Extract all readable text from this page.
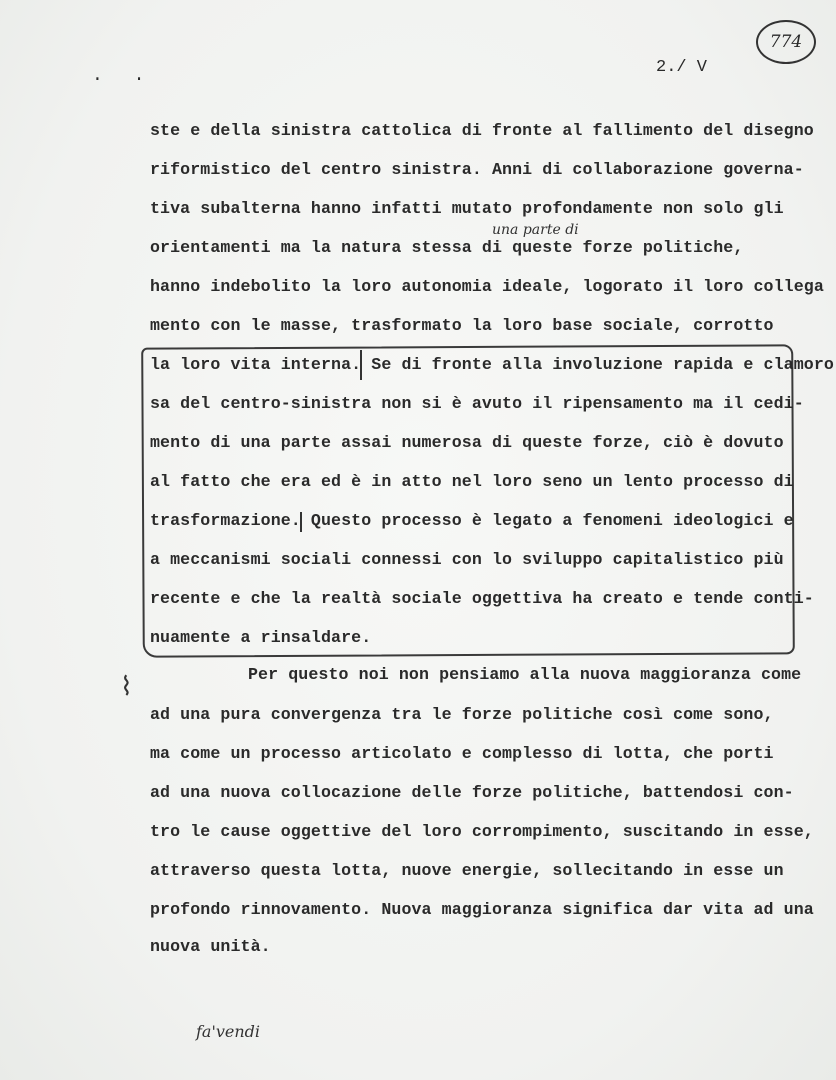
. .	2./ V
774
una parte di
ste e della sinistra cattolica di fronte al fallimento del disegno
riformistico del centro sinistra. Anni di collaborazione governa-
tiva subalterna hanno infatti mutato profondamente non solo gli
orientamenti ma la natura stessa di queste forze politiche,
hanno indebolito la loro autonomia ideale, logorato il loro collega
mento con le masse, trasformato la loro base sociale, corrotto
la loro vita interna. Se di fronte alla involuzione rapida e clamoro
sa del centro-sinistra non si è avuto il ripensamento ma il cedi-
mento di una parte assai numerosa di queste forze, ciò è dovuto
al fatto che era ed è in atto nel loro seno un lento processo di
trasformazione. Questo processo è legato a fenomeni ideologici e
a meccanismi sociali connessi con lo sviluppo capitalistico più
recente e che la realtà sociale oggettiva ha creato e tende conti-
nuamente a rinsaldare.
⌇	Per questo noi non pensiamo alla nuova maggioranza come
ad una pura convergenza tra le forze politiche così come sono,
ma come un processo articolato e complesso di lotta, che porti
ad una nuova collocazione delle forze politiche, battendosi con-
tro le cause oggettive del loro corrompimento, suscitando in esse,
attraverso questa lotta, nuove energie, sollecitando in esse un
profondo rinnovamento. Nuova maggioranza significa dar vita ad una
nuova unità.
fa'vendi
